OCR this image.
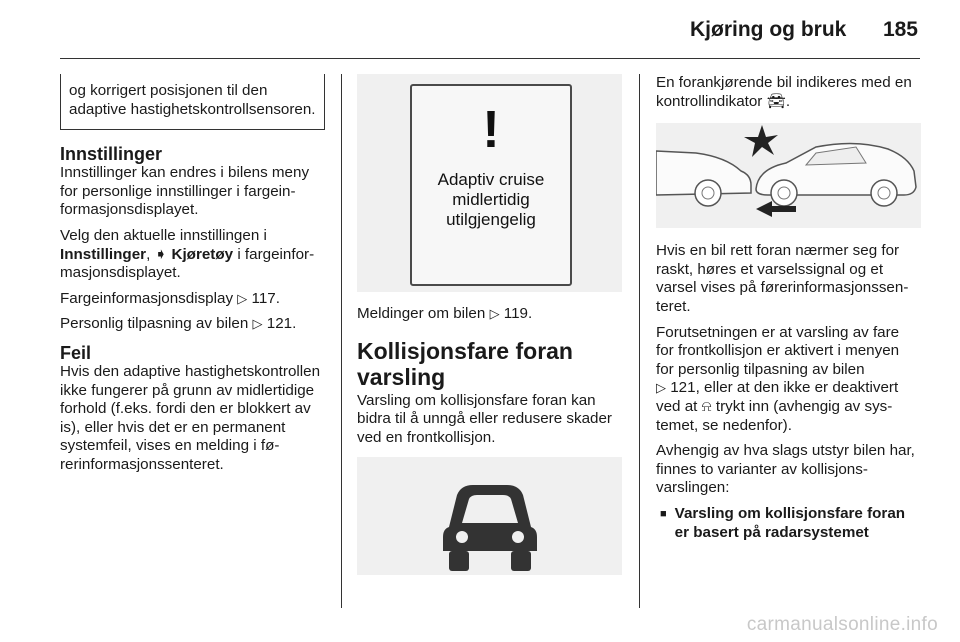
Kjøring og bruk 185
og korrigert posisjonen til den adaptive hastighetskontrollsensoren.
Innstillinger

Innstillinger kan endres i bilens meny for personlige innstillinger i fargeinformasjonsdisplayet.

Velg den aktuelle innstillingen i Innstillinger, ➧ Kjøretøy i fargeinformasjonsdisplayet.

Fargeinformasjonsdisplay ▷ 117.

Personlig tilpasning av bilen ▷ 121.

Feil

Hvis den adaptive hastighetskontrollen ikke fungerer på grunn av midlertidige forhold (f.eks. fordi den er blokkert av is), eller hvis det er en permanent systemfeil, vises en melding i førerinformasjonssenteret.

!
Adaptiv cruise
midlertidig
utilgjengelig

Meldinger om bilen ▷ 119.

Kollisjonsfare foran
varsling

Varsling om kollisjonsfare foran kan bidra til å unngå eller redusere skader ved en frontkollisjon.

En forankjørende bil indikeres med en kontrollindikator 🚘︎.

Hvis en bil rett foran nærmer seg for raskt, høres et varselssignal og et varsel vises på førerinformasjonssenteret.

Forutsetningen er at varsling av fare for frontkollisjon er aktivert i menyen for personlig tilpasning av bilen
▷ 121, eller at den ikke er deaktivert ved at ⍾ trykt inn (avhengig av systemet, se nedenfor).

Avhengig av hva slags utstyr bilen har, finnes to varianter av kollisjonsvarslingen:

■ Varsling om kollisjonsfare foran er basert på radarsystemet
carmanualsonline.info
